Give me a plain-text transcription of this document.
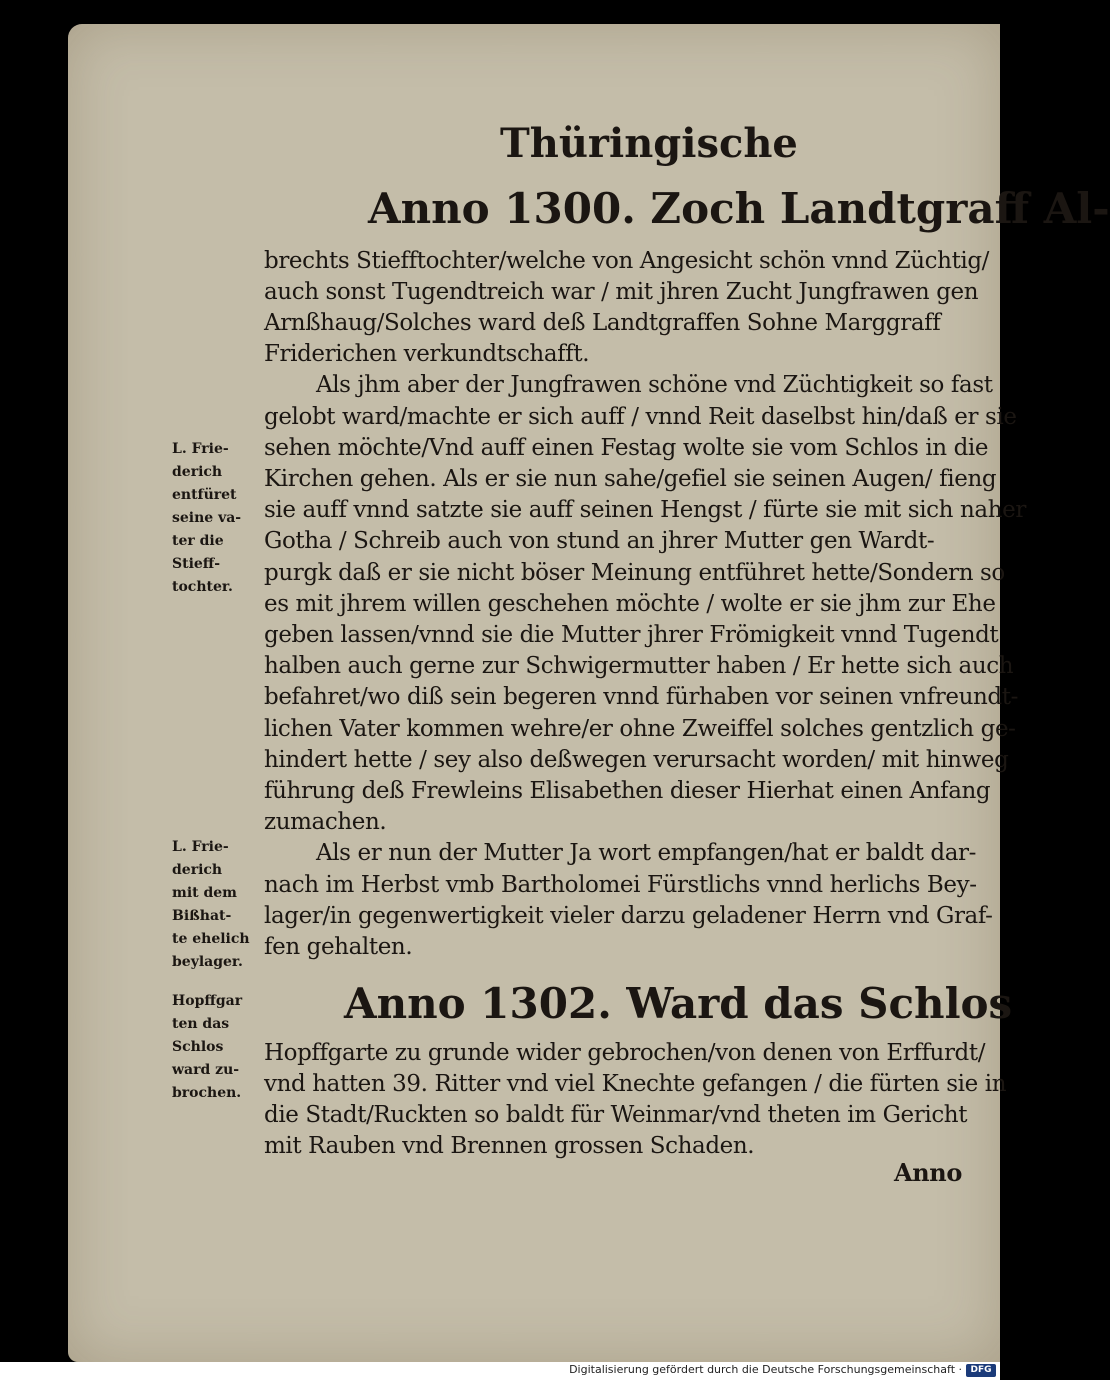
Thüringische
Anno 1300. Zoch Landtgraff Al-
brechts Stiefftochter/welche von Angesicht schön vnnd Züchtig/
auch sonst Tugendtreich war / mit jhren Zucht Jungfrawen gen
Arnßhaug/Solches ward deß Landtgraffen Sohne Marggraff
Friderichen verkundtschafft.
Als jhm aber der Jungfrawen schöne vnd Züchtigkeit so fast
gelobt ward/machte er sich auff / vnnd Reit daselbst hin/daß er sie
sehen möchte/Vnd auff einen Festag wolte sie vom Schlos in die
Kirchen gehen. Als er sie nun sahe/gefiel sie seinen Augen/ fieng
sie auff vnnd satzte sie auff seinen Hengst / fürte sie mit sich naher
Gotha / Schreib auch von stund an jhrer Mutter gen Wardt-
purgk daß er sie nicht böser Meinung entführet hette/Sondern so
es mit jhrem willen geschehen möchte / wolte er sie jhm zur Ehe
geben lassen/vnnd sie die Mutter jhrer Frömigkeit vnnd Tugendt
halben auch gerne zur Schwigermutter haben / Er hette sich auch
befahret/wo diß sein begeren vnnd fürhaben vor seinen vnfreundt-
lichen Vater kommen wehre/er ohne Zweiffel solches gentzlich ge-
hindert hette / sey also deßwegen verursacht worden/ mit hinweg
führung deß Frewleins Elisabethen dieser Hierhat einen Anfang
zumachen.
Als er nun der Mutter Ja wort empfangen/hat er baldt dar-
nach im Herbst vmb Bartholomei Fürstlichs vnnd herlichs Bey-
lager/in gegenwertigkeit vieler darzu geladener Herrn vnd Graf-
fen gehalten.
Anno 1302. Ward das Schlos
Hopffgarte zu grunde wider gebrochen/von denen von Erffurdt/
vnd hatten 39. Ritter vnd viel Knechte gefangen / die fürten sie in
die Stadt/Ruckten so baldt für Weinmar/vnd theten im Gericht
mit Rauben vnd Brennen grossen Schaden.
L. Frie-
derich
entfüret
seine va-
ter die
Stieff-
tochter.
L. Frie-
derich
mit dem
Bißhat-
te ehelich
beylager.
Hopffgar
ten das
Schlos
ward zu-
brochen.
Anno
Digitalisierung gefördert durch die Deutsche Forschungsgemeinschaft · DFG
